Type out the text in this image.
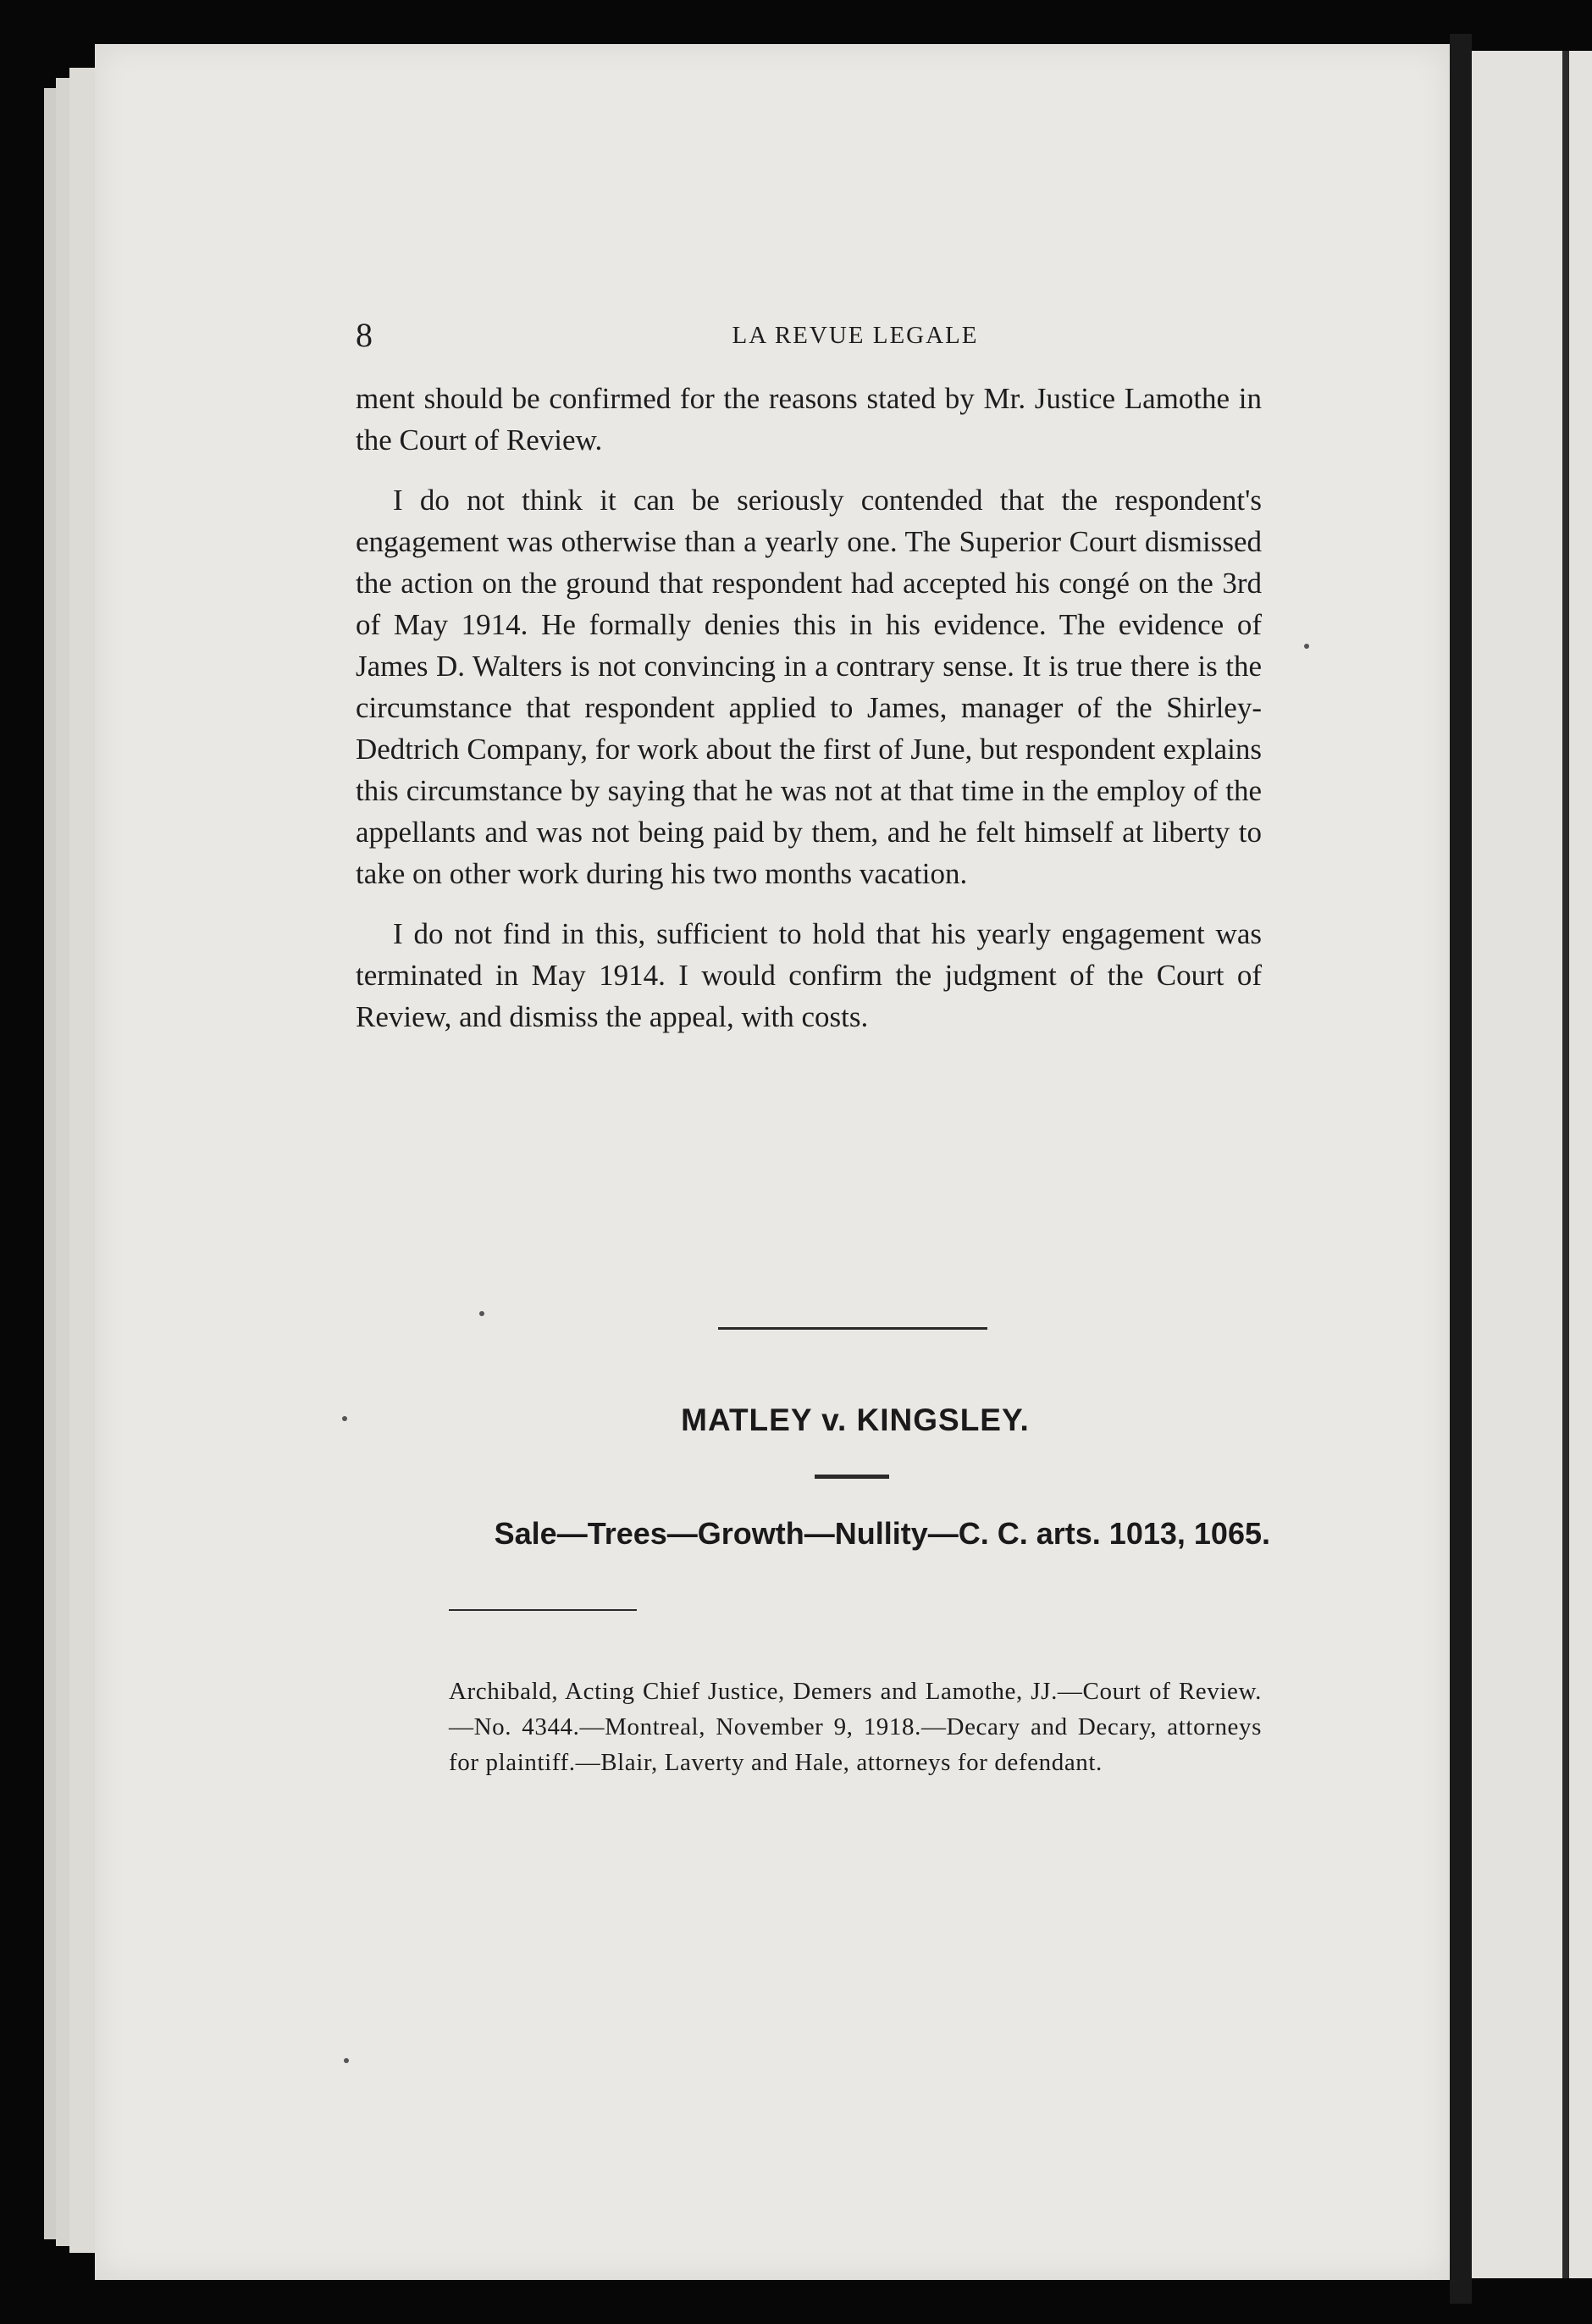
8	LA REVUE LEGALE

ment should be confirmed for the reasons stated by Mr. Justice Lamothe in the Court of Review.

I do not think it can be seriously contended that the respondent's engagement was otherwise than a yearly one. The Superior Court dismissed the action on the ground that respondent had accepted his congé on the 3rd of May 1914. He formally denies this in his evidence. The evidence of James D. Walters is not convincing in a contrary sense. It is true there is the circumstance that respondent applied to James, manager of the Shirley-Dedtrich Company, for work about the first of June, but respondent explains this circumstance by saying that he was not at that time in the employ of the appellants and was not being paid by them, and he felt himself at liberty to take on other work during his two months vacation.

I do not find in this, sufficient to hold that his yearly engagement was terminated in May 1914. I would confirm the judgment of the Court of Review, and dismiss the appeal, with costs.

MATLEY v. KINGSLEY.

Sale—Trees—Growth—Nullity—C. C. arts. 1013, 1065.

Archibald, Acting Chief Justice, Demers and Lamothe, JJ.—Court of Review.—No. 4344.—Montreal, November 9, 1918.—Decary and Decary, attorneys for plaintiff.—Blair, Laverty and Hale, attorneys for defendant.
